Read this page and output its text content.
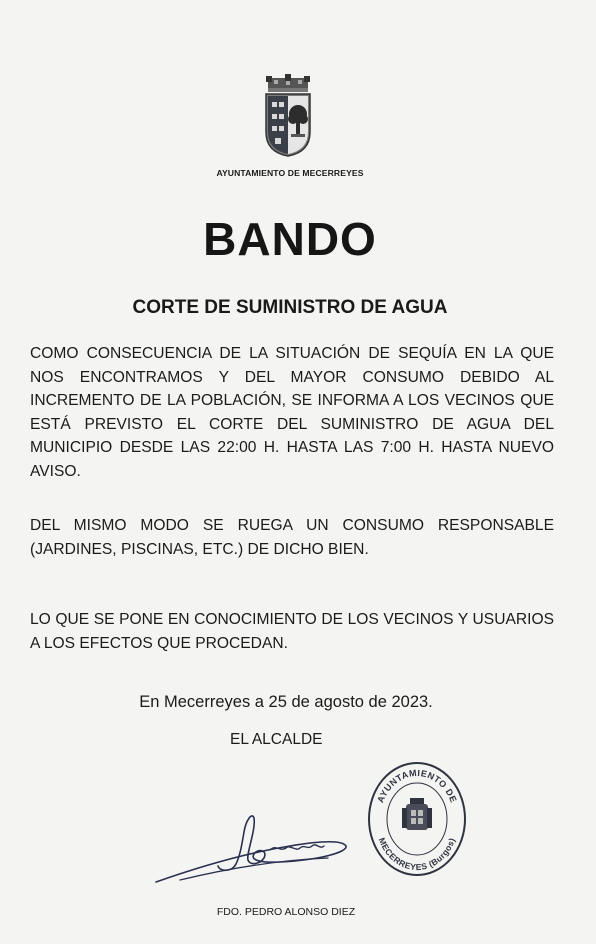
AYUNTAMIENTO DE MECERREYES
BANDO
CORTE DE SUMINISTRO DE AGUA
COMO CONSECUENCIA DE LA SITUACIÓN DE SEQUÍA EN LA QUE NOS ENCONTRAMOS Y DEL MAYOR CONSUMO DEBIDO AL INCREMENTO DE LA POBLACIÓN, SE INFORMA A LOS VECINOS QUE ESTÁ PREVISTO EL CORTE DEL SUMINISTRO DE AGUA DEL MUNICIPIO DESDE LAS 22:00 H. HASTA LAS 7:00 H. HASTA NUEVO AVISO.
DEL MISMO MODO SE RUEGA UN CONSUMO RESPONSABLE (JARDINES, PISCINAS, ETC.) DE DICHO BIEN.
LO QUE SE PONE EN CONOCIMIENTO DE LOS VECINOS Y USUARIOS A LOS EFECTOS QUE PROCEDAN.
En Mecerreyes a 25 de agosto de 2023.
EL ALCALDE
AYUNTAMIENTO DE
MECERREYES (Burgos)
FDO. PEDRO ALONSO DIEZ
